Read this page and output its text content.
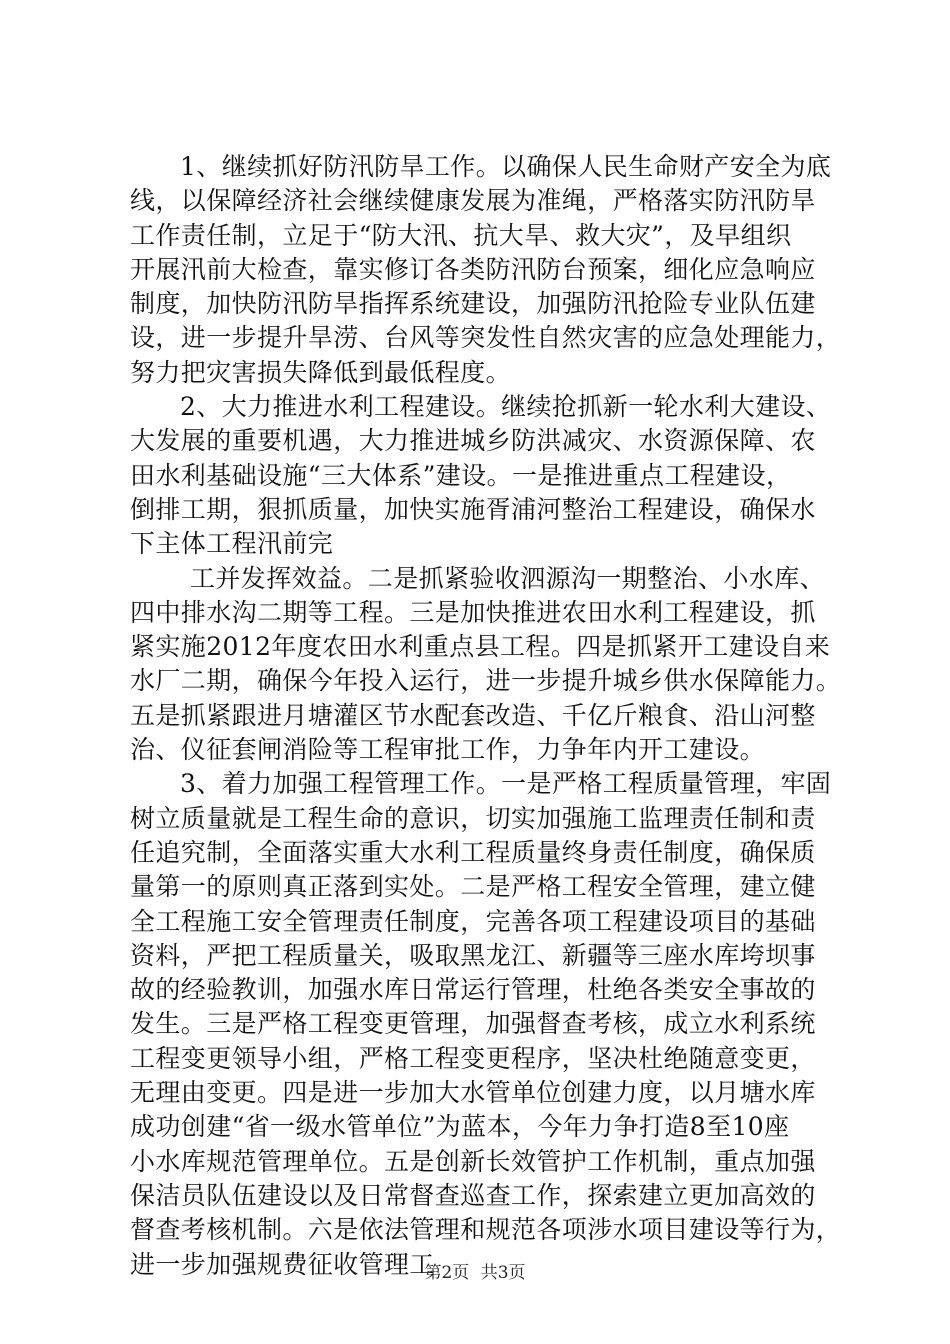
1、继续抓好防汛防旱工作。以确保人民生命财产安全为底
线，以保障经济社会继续健康发展为准绳，严格落实防汛防旱
工作责任制，立足于“防大汛、抗大旱、救大灾”，及早组织
开展汛前大检查，靠实修订各类防汛防台预案，细化应急响应
制度，加快防汛防旱指挥系统建设，加强防汛抢险专业队伍建
设，进一步提升旱涝、台风等突发性自然灾害的应急处理能力，
努力把灾害损失降低到最低程度。
2、大力推进水利工程建设。继续抢抓新一轮水利大建设、
大发展的重要机遇，大力推进城乡防洪减灾、水资源保障、农
田水利基础设施“三大体系”建设。一是推进重点工程建设，
倒排工期，狠抓质量，加快实施胥浦河整治工程建设，确保水
下主体工程汛前完
工并发挥效益。二是抓紧验收泗源沟一期整治、小水库、
四中排水沟二期等工程。三是加快推进农田水利工程建设，抓
紧实施2012年度农田水利重点县工程。四是抓紧开工建设自来
水厂二期，确保今年投入运行，进一步提升城乡供水保障能力。
五是抓紧跟进月塘灌区节水配套改造、千亿斤粮食、沿山河整
治、仪征套闸消险等工程审批工作，力争年内开工建设。
3、着力加强工程管理工作。一是严格工程质量管理，牢固
树立质量就是工程生命的意识，切实加强施工监理责任制和责
任追究制，全面落实重大水利工程质量终身责任制度，确保质
量第一的原则真正落到实处。二是严格工程安全管理，建立健
全工程施工安全管理责任制度，完善各项工程建设项目的基础
资料，严把工程质量关，吸取黑龙江、新疆等三座水库垮坝事
故的经验教训，加强水库日常运行管理，杜绝各类安全事故的
发生。三是严格工程变更管理，加强督查考核，成立水利系统
工程变更领导小组，严格工程变更程序，坚决杜绝随意变更，
无理由变更。四是进一步加大水管单位创建力度，以月塘水库
成功创建“省一级水管单位”为蓝本，今年力争打造8至10座
小水库规范管理单位。五是创新长效管护工作机制，重点加强
保洁员队伍建设以及日常督查巡查工作，探索建立更加高效的
督查考核机制。六是依法管理和规范各项涉水项目建设等行为，
进一步加强规费征收管理工
第2页 共3页
